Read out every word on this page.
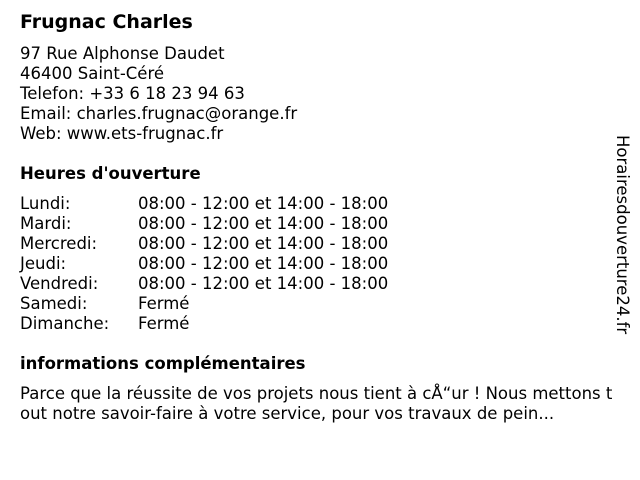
Frugnac Charles
97 Rue Alphonse Daudet
46400 Saint-Céré
Telefon: +33 6 18 23 94 63
Email: charles.frugnac@orange.fr
Web: www.ets-frugnac.fr
Heures d'ouverture
Lundi:	08:00 - 12:00 et 14:00 - 18:00
Mardi:	08:00 - 12:00 et 14:00 - 18:00
Mercredi: 08:00 - 12:00 et 14:00 - 18:00
Jeudi:	08:00 - 12:00 et 14:00 - 18:00
Vendredi: 08:00 - 12:00 et 14:00 - 18:00
Samedi:	Fermé
Dimanche: Fermé
informations complémentaires
Parce que la réussite de vos projets nous tient à cÅ“ur ! Nous mettons tout notre savoir-faire à votre service, pour vos travaux de pein...
Horairesdouverture24.fr
